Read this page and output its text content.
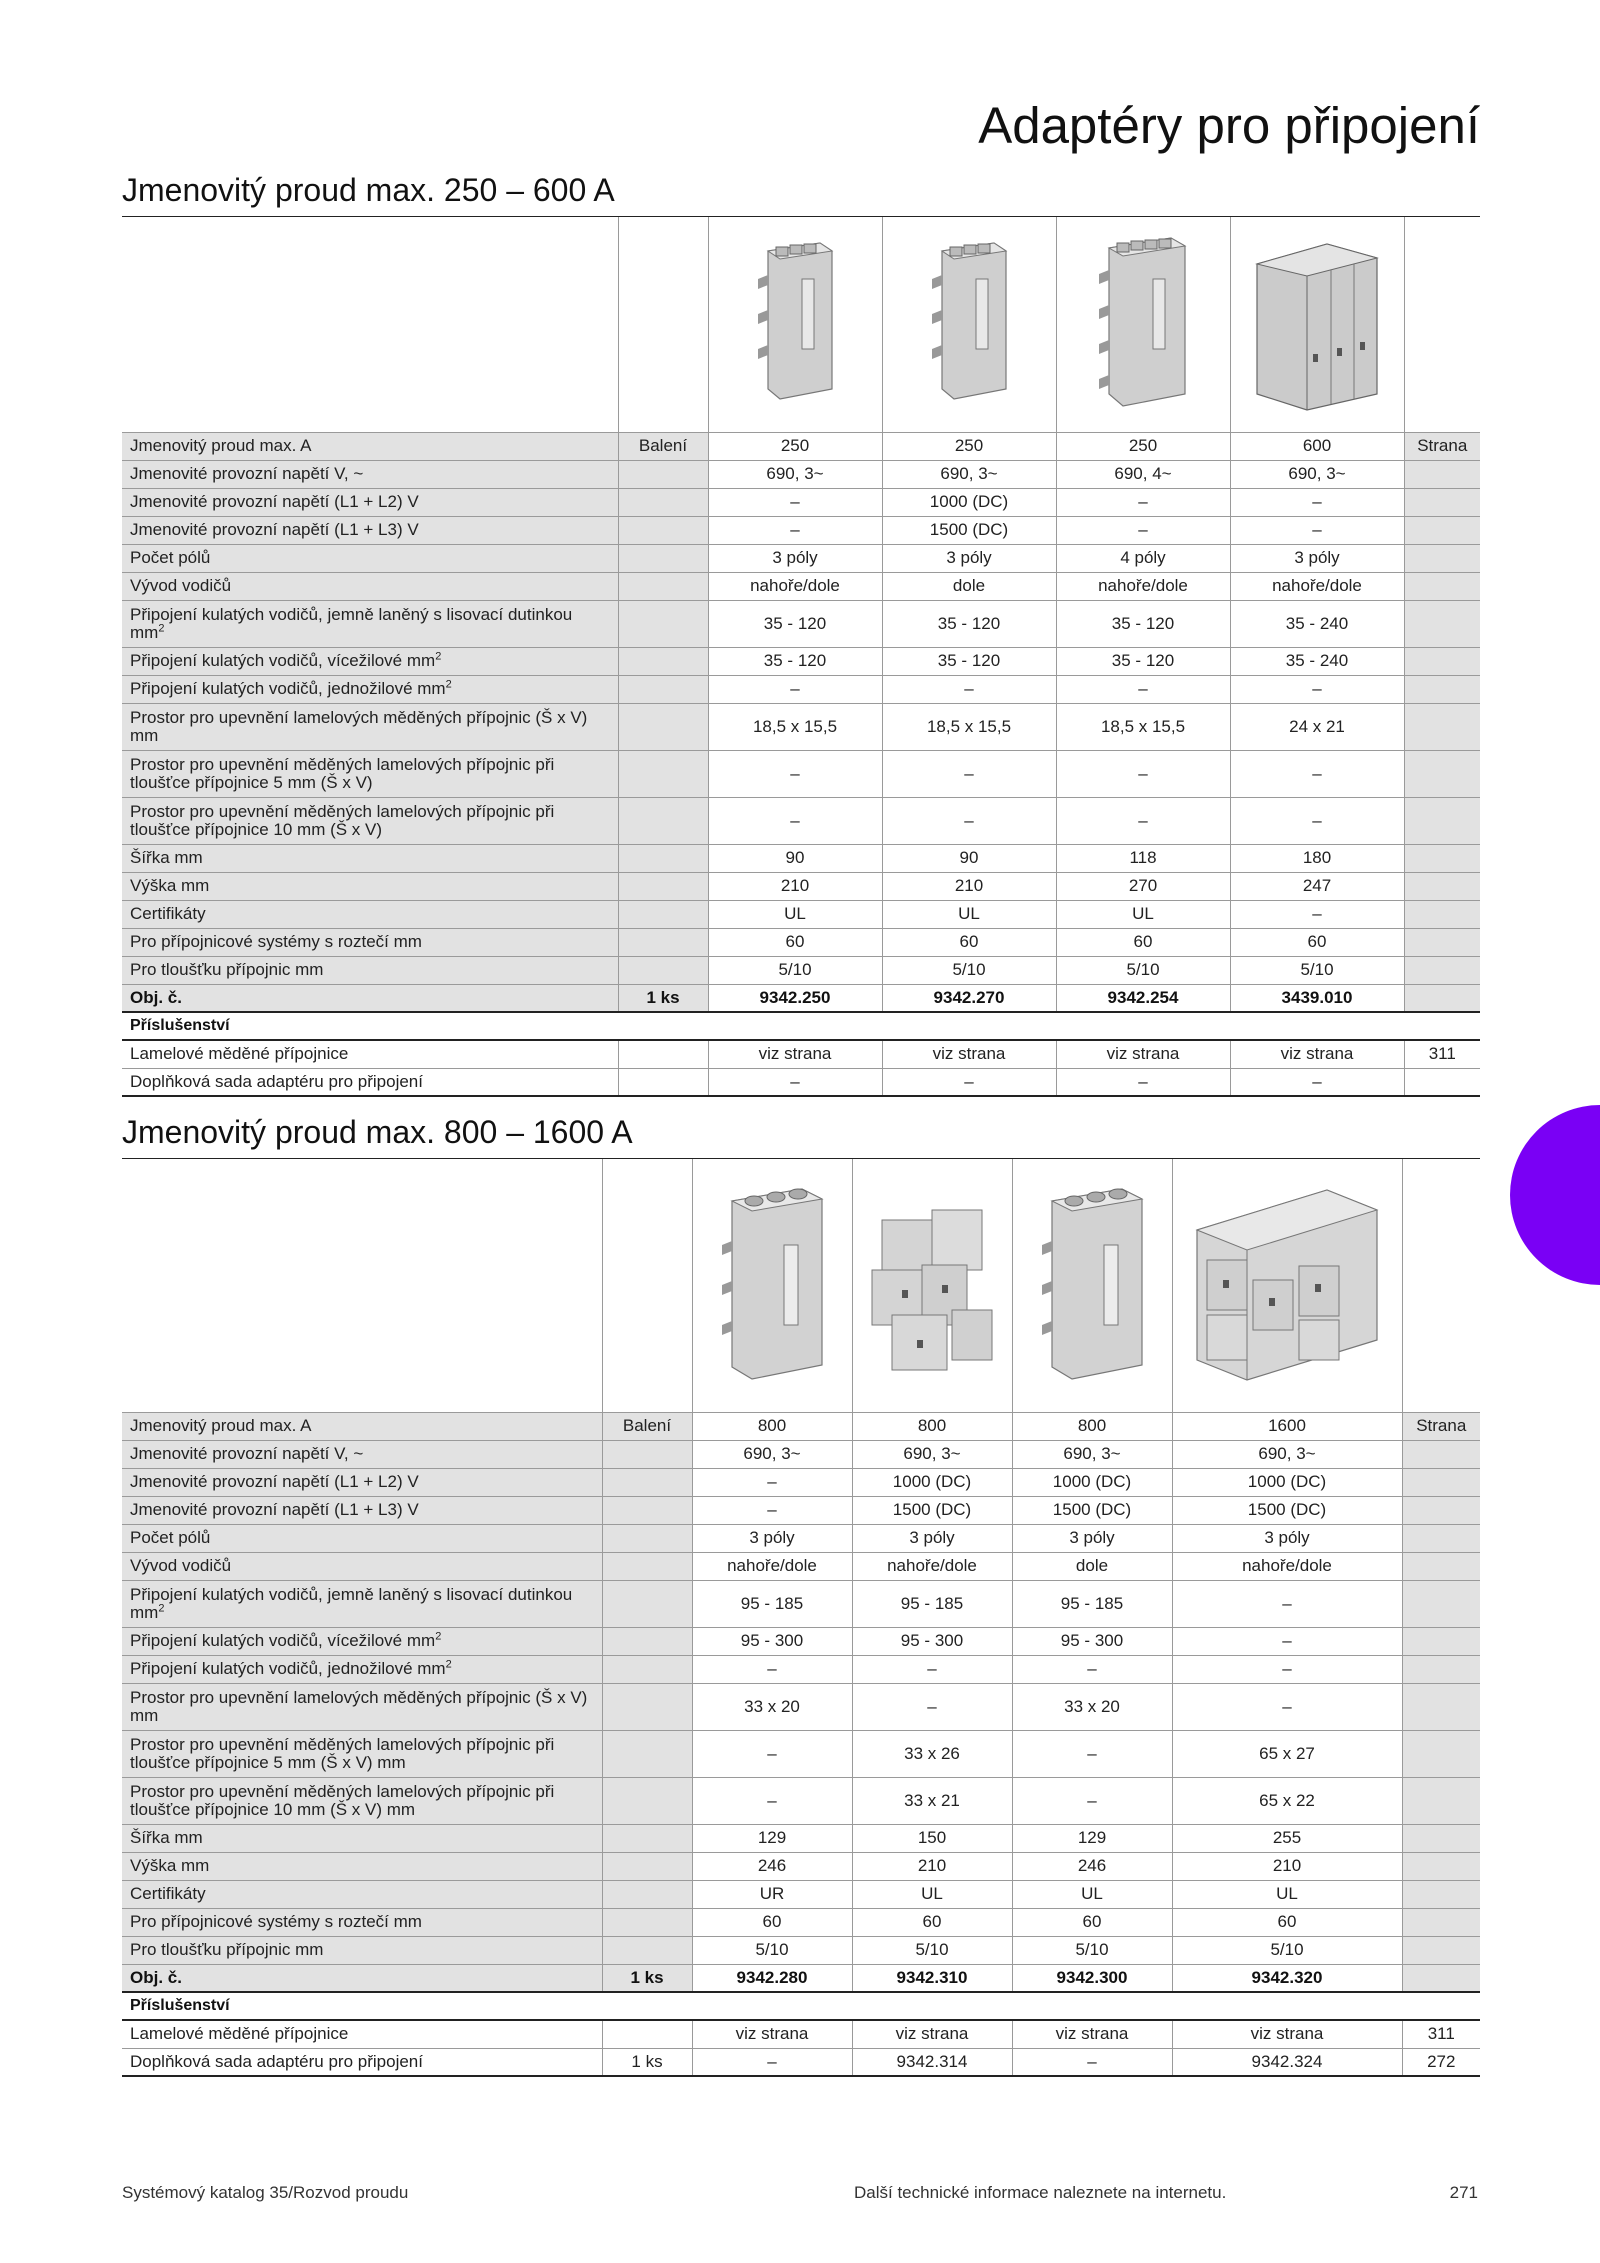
Adaptéry pro připojení
Jmenovitý proud max. 250 – 600 A

Jmenovitý proud max. A	Balení	250	250	250	600	Strana
Jmenovité provozní napětí V, ~		690, 3~	690, 3~	690, 4~	690, 3~	
Jmenovité provozní napětí (L1 + L2) V		–	1000 (DC)	–	–	
Jmenovité provozní napětí (L1 + L3) V		–	1500 (DC)	–	–	
Počet pólů		3 póly	3 póly	4 póly	3 póly	
Vývod vodičů		nahoře/dole	dole	nahoře/dole	nahoře/dole	
Připojení kulatých vodičů, jemně laněný s lisovací dutinkou $mm^2$		35 - 120	35 - 120	35 - 120	35 - 240	
Připojení kulatých vodičů, vícežilové $mm^2$		35 - 120	35 - 120	35 - 120	35 - 240	
Připojení kulatých vodičů, jednožilové $mm^2$		–	–	–	–	
Prostor pro upevnění lamelových měděných přípojnic (Š x V) mm		18,5 x 15,5	18,5 x 15,5	18,5 x 15,5	24 x 21	
Prostor pro upevnění měděných lamelových přípojnic při tloušťce přípojnice 5 mm (Š x V)		–	–	–	–	
Prostor pro upevnění měděných lamelových přípojnic při tloušťce přípojnice 10 mm (Š x V)		–	–	–	–	
Šířka mm		90	90	118	180	
Výška mm		210	210	270	247	
Certifikáty		UL	UL	UL	–	
Pro přípojnicové systémy s roztečí mm		60	60	60	60	
Pro tloušťku přípojnic mm		5/10	5/10	5/10	5/10	
Obj. č.	1 ks	9342.250	9342.270	9342.254	3439.010	
Příslušenství						
Lamelové měděné přípojnice		viz strana	viz strana	viz strana	viz strana	311
Doplňková sada adaptéru pro připojení		–	–	–	–	
Jmenovitý proud max. 800 – 1600 A

Jmenovitý proud max. A	Balení	800	800	800	1600	Strana
Jmenovité provozní napětí V, ~		690, 3~	690, 3~	690, 3~	690, 3~	
Jmenovité provozní napětí (L1 + L2) V		–	1000 (DC)	1000 (DC)	1000 (DC)	
Jmenovité provozní napětí (L1 + L3) V		–	1500 (DC)	1500 (DC)	1500 (DC)	
Počet pólů		3 póly	3 póly	3 póly	3 póly	
Vývod vodičů		nahoře/dole	nahoře/dole	dole	nahoře/dole	
Připojení kulatých vodičů, jemně laněný s lisovací dutinkou $mm^2$		95 - 185	95 - 185	95 - 185	–	
Připojení kulatých vodičů, vícežilové $mm^2$		95 - 300	95 - 300	95 - 300	–	
Připojení kulatých vodičů, jednožilové $mm^2$		–	–	–	–	
Prostor pro upevnění lamelových měděných přípojnic (Š x V) mm		33 x 20	–	33 x 20	–	
Prostor pro upevnění měděných lamelových přípojnic při tloušťce přípojnice 5 mm (Š x V) mm		–	33 x 26	–	65 x 27	
Prostor pro upevnění měděných lamelových přípojnic při tloušťce přípojnice 10 mm (Š x V) mm		–	33 x 21	–	65 x 22	
Šířka mm		129	150	129	255	
Výška mm		246	210	246	210	
Certifikáty		UR	UL	UL	UL	
Pro přípojnicové systémy s roztečí mm		60	60	60	60	
Pro tloušťku přípojnic mm		5/10	5/10	5/10	5/10	
Obj. č.	1 ks	9342.280	9342.310	9342.300	9342.320	
Příslušenství						
Lamelové měděné přípojnice		viz strana	viz strana	viz strana	viz strana	311
Doplňková sada adaptéru pro připojení	1 ks	–	9342.314	–	9342.324	272
Systémový katalog 35/Rozvod proudu	Další technické informace naleznete na internetu.	271
